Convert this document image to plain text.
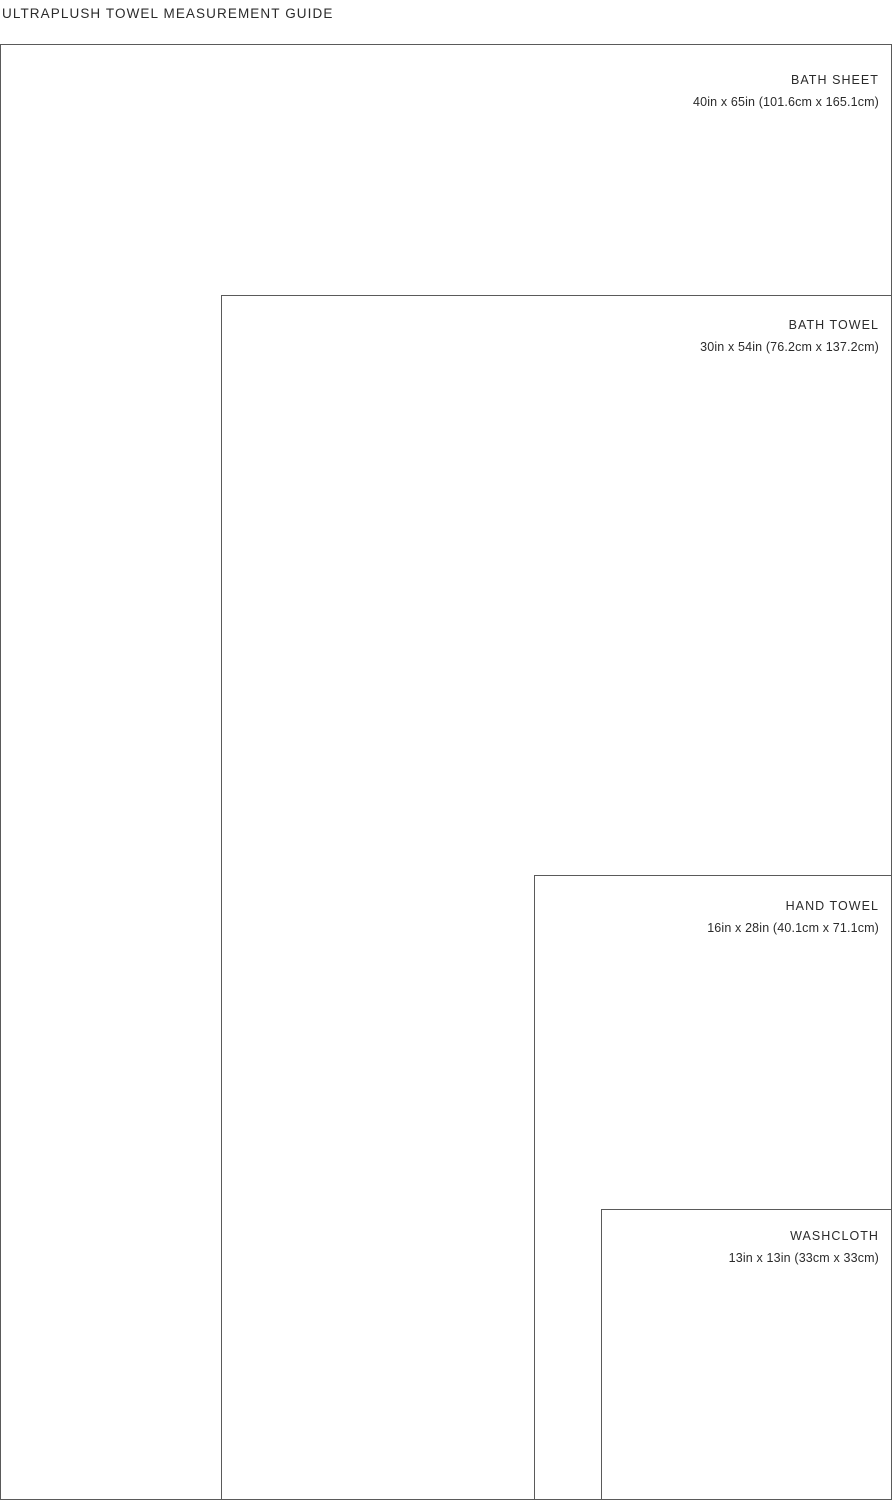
ULTRAPLUSH TOWEL MEASUREMENT GUIDE
BATH SHEET
40in x 65in (101.6cm x 165.1cm)
BATH TOWEL
30in x 54in (76.2cm x 137.2cm)
HAND TOWEL
16in x 28in (40.1cm x 71.1cm)
WASHCLOTH
13in x 13in (33cm x 33cm)
